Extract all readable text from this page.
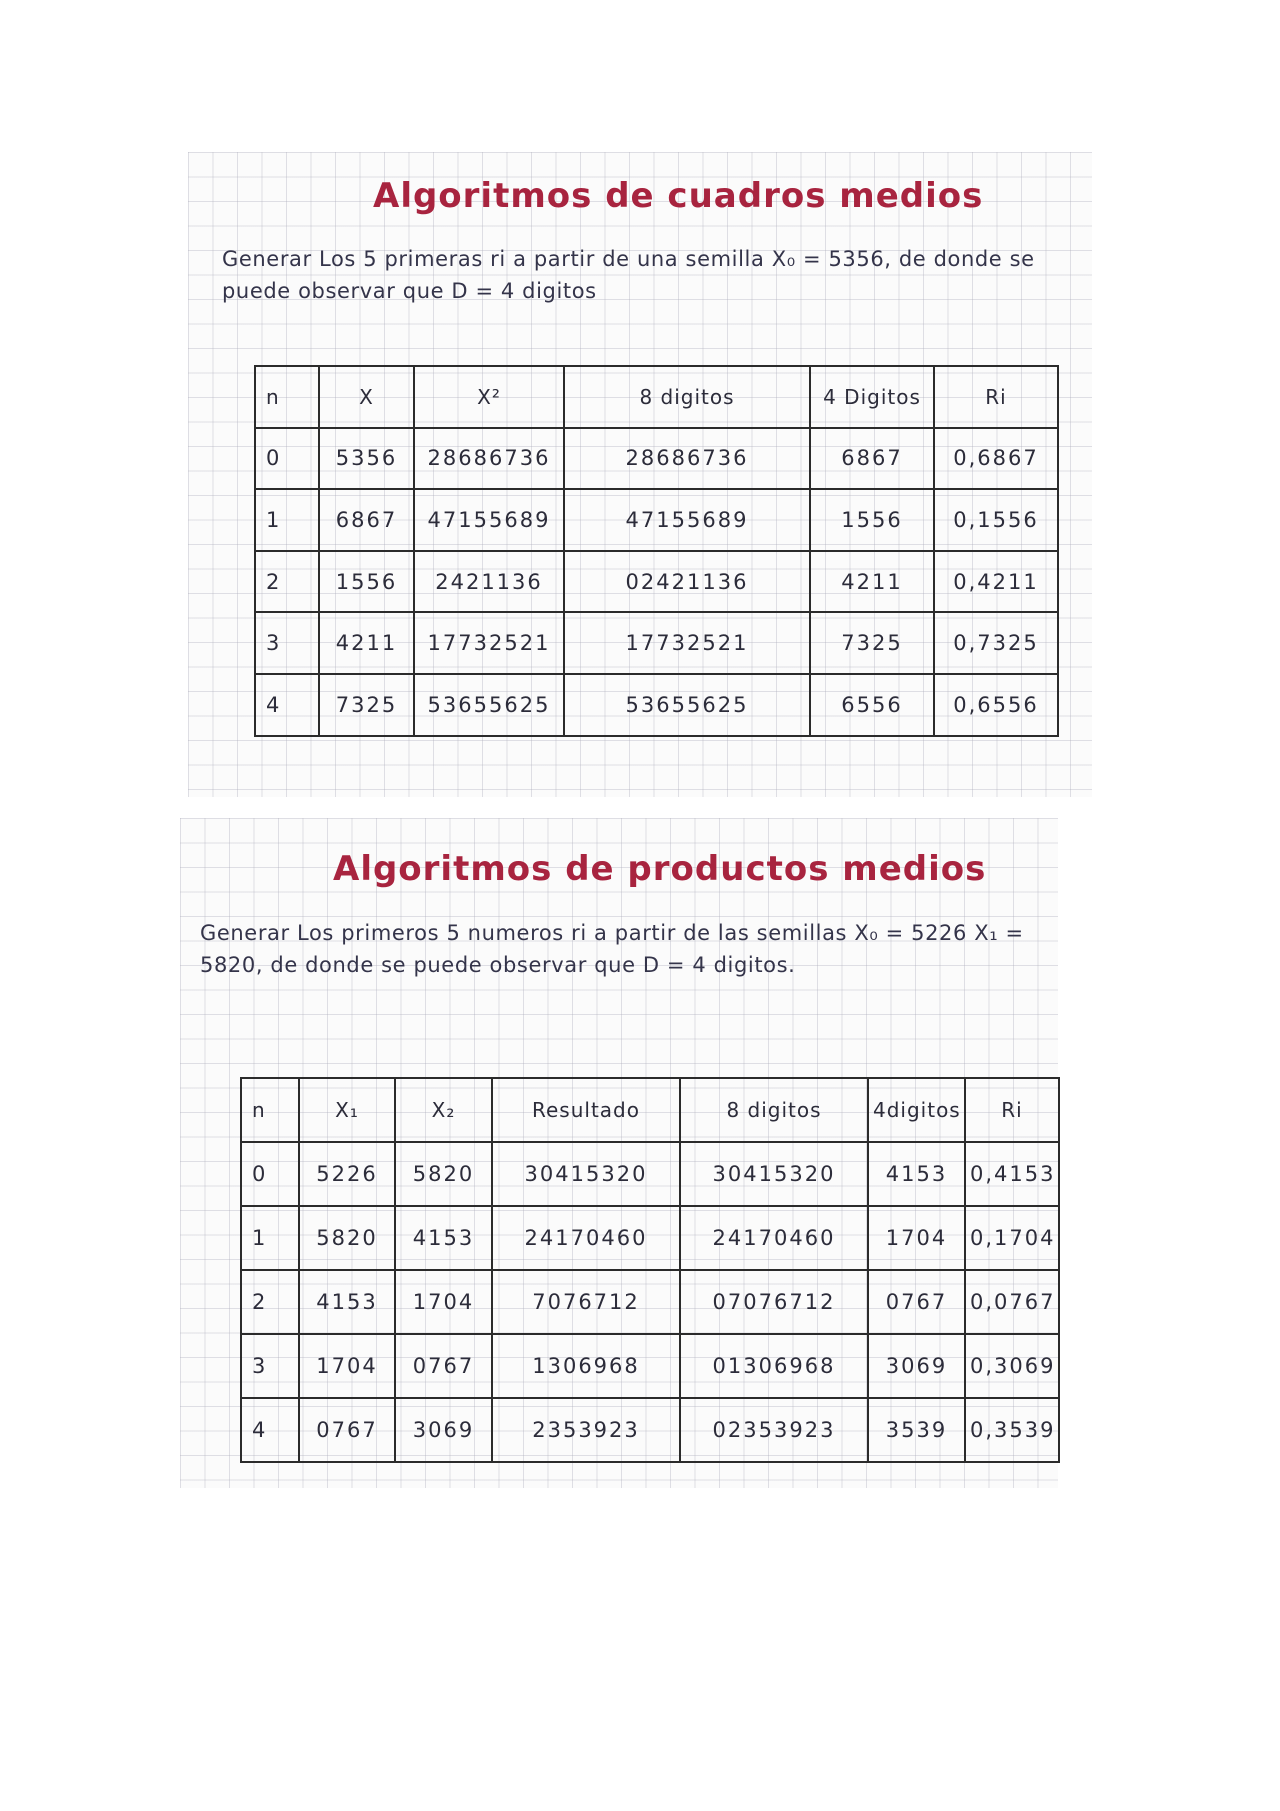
Algoritmos de cuadros medios

Generar Los 5 primeras ri a partir de una semilla X₀ = 5356, de donde se puede observar que D = 4 digitos

n	X	X²	8 digitos	4 Digitos	Ri
0	5356	28686736	28686736	6867	0,6867
1	6867	47155689	47155689	1556	0,1556
2	1556	2421136	02421136	4211	0,4211
3	4211	17732521	17732521	7325	0,7325
4	7325	53655625	53655625	6556	0,6556
Algoritmos de productos medios

Generar Los primeros 5 numeros ri a partir de las semillas X₀ = 5226 X₁ = 5820, de donde se puede observar que D = 4 digitos.

n	X₁	X₂	Resultado	8 digitos	4digitos	Ri
0	5226	5820	30415320	30415320	4153	0,4153
1	5820	4153	24170460	24170460	1704	0,1704
2	4153	1704	7076712	07076712	0767	0,0767
3	1704	0767	1306968	01306968	3069	0,3069
4	0767	3069	2353923	02353923	3539	0,3539
